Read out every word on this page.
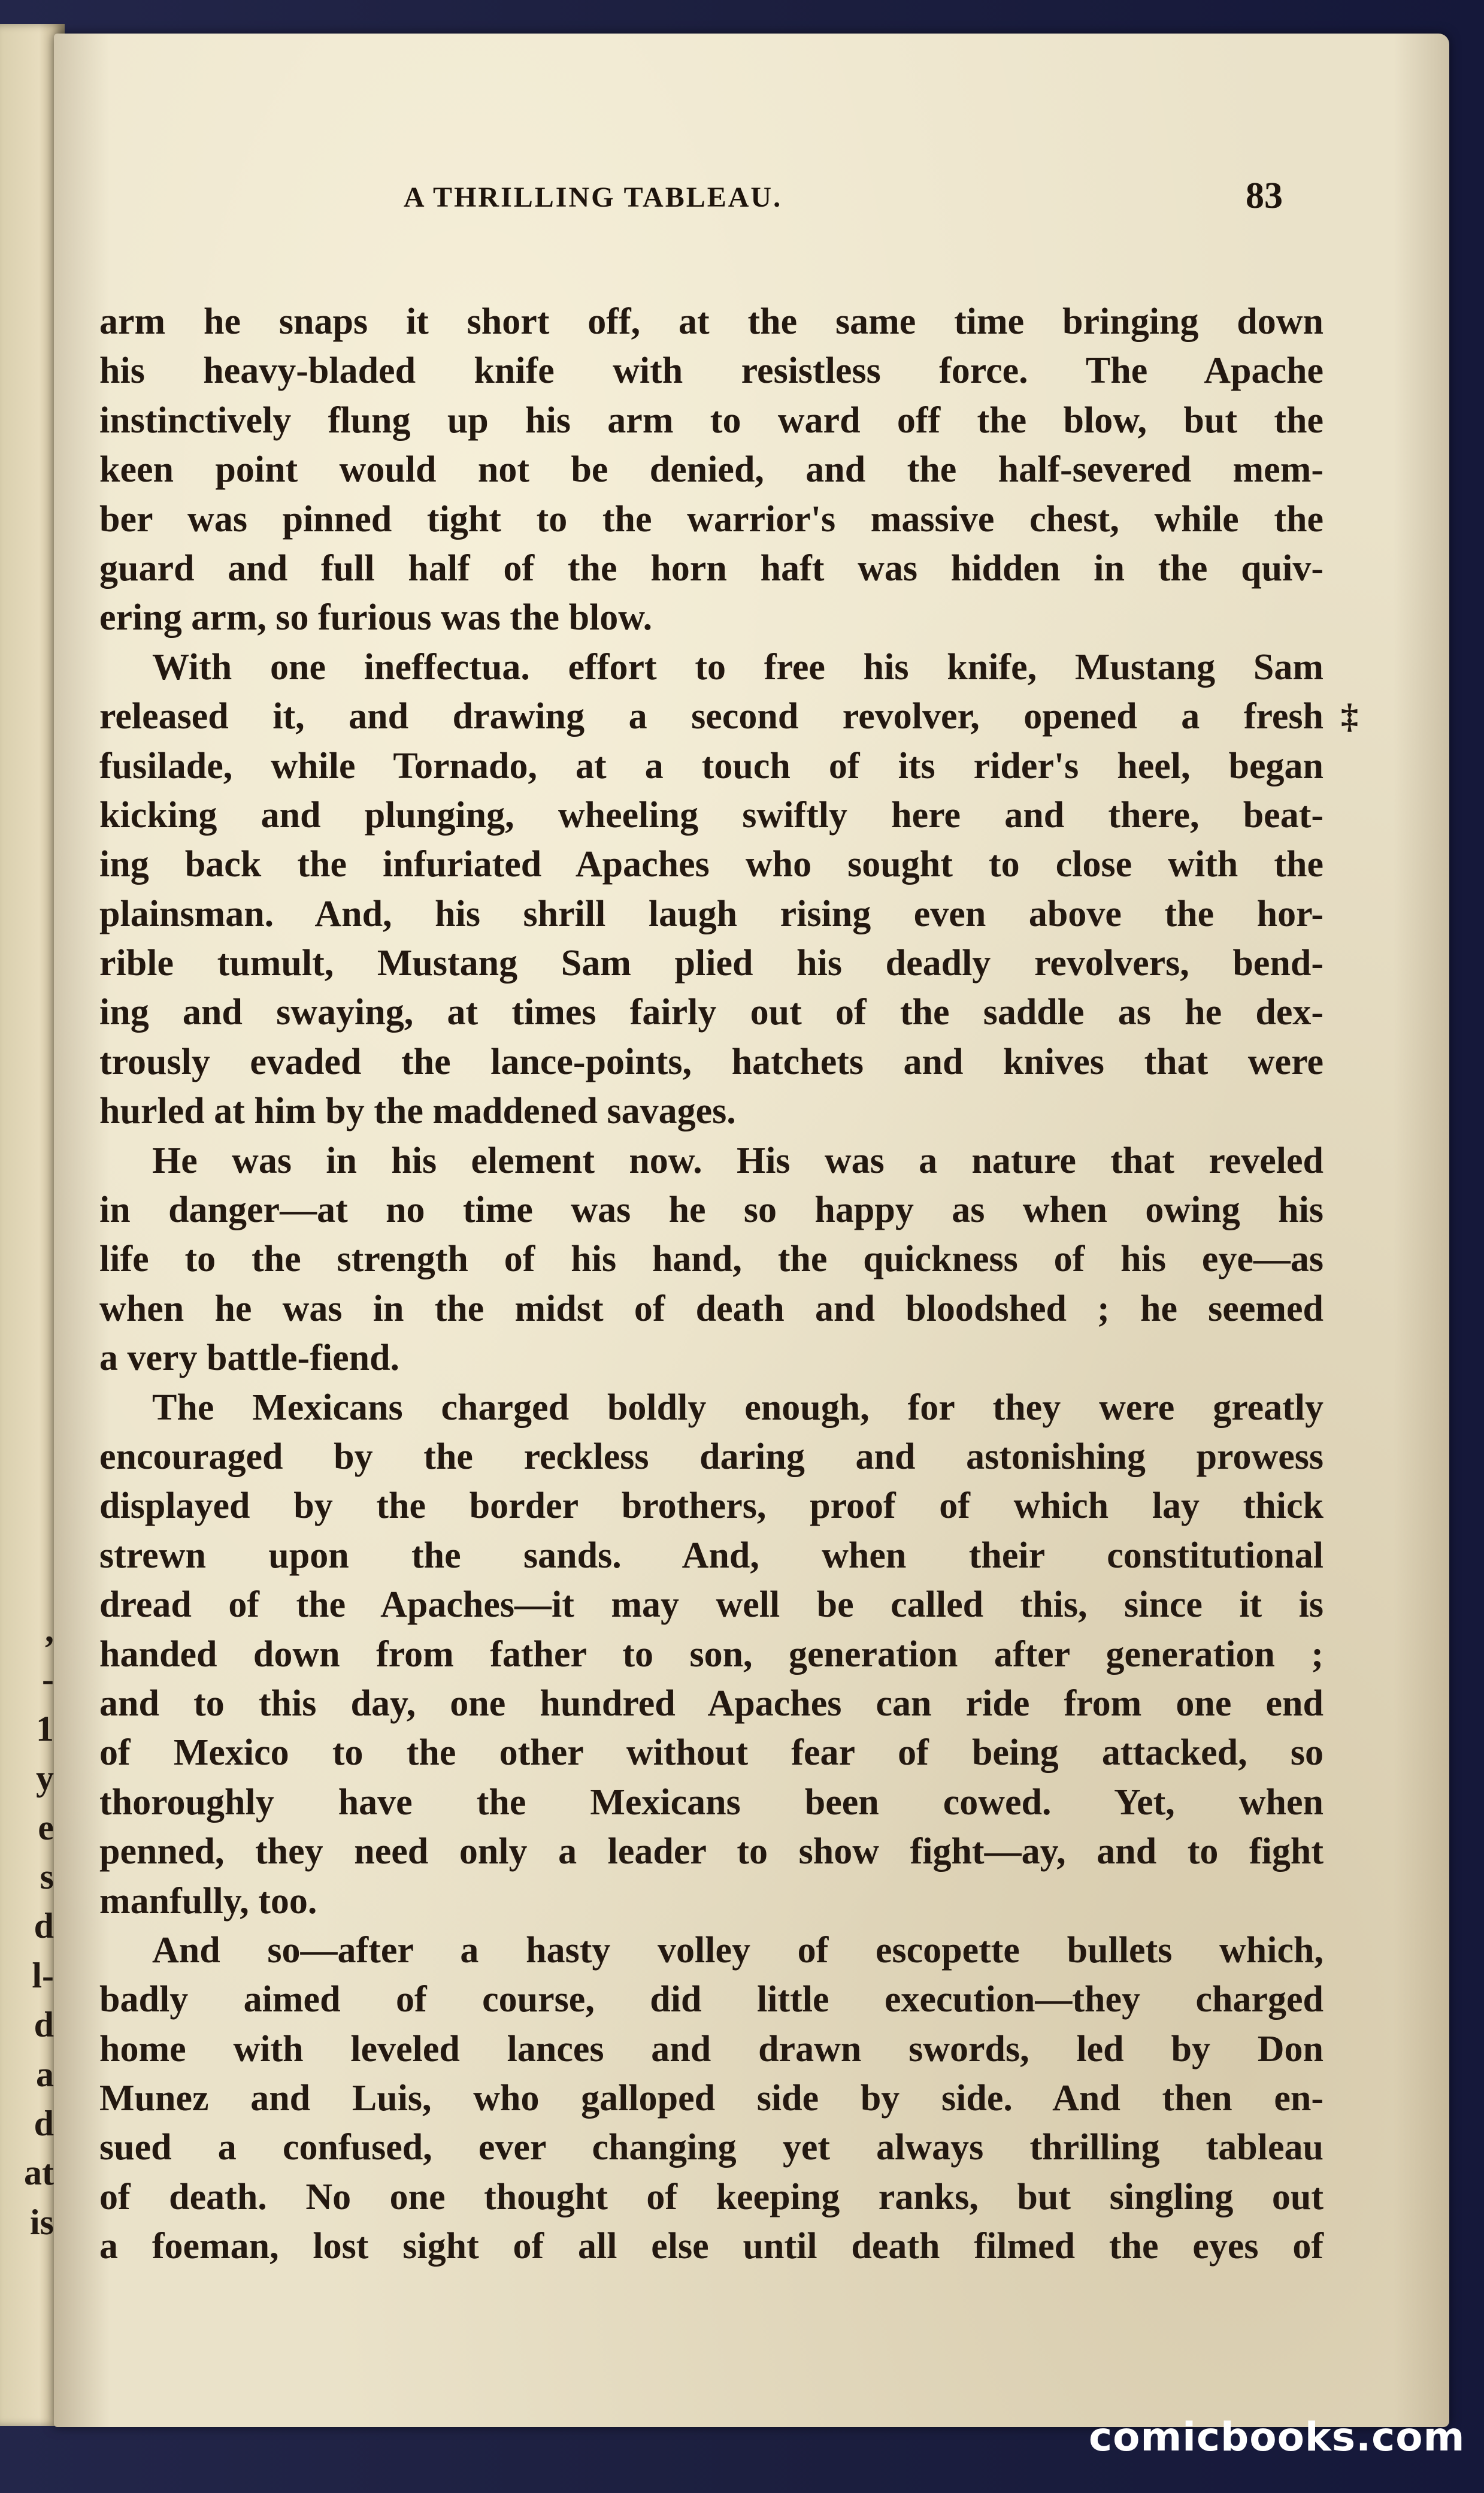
,
-
1
y
e
s
d
l-
d
a
d
at
is
A THRILLING TABLEAU.	83
arm he snaps it short off, at the same time bringing down
his heavy-bladed knife with resistless force. The Apache
instinctively flung up his arm to ward off the blow, but the
keen point would not be denied, and the half-severed mem-
ber was pinned tight to the warrior's massive chest, while the
guard and full half of the horn haft was hidden in the quiv-
ering arm, so furious was the blow.
With one ineffectua. effort to free his knife, Mustang Sam
released it, and drawing a second revolver, opened a fresh ‡
fusilade, while Tornado, at a touch of its rider's heel, began
kicking and plunging, wheeling swiftly here and there, beat-
ing back the infuriated Apaches who sought to close with the
plainsman. And, his shrill laugh rising even above the hor-
rible tumult, Mustang Sam plied his deadly revolvers, bend-
ing and swaying, at times fairly out of the saddle as he dex-
trously evaded the lance-points, hatchets and knives that were
hurled at him by the maddened savages.
He was in his element now. His was a nature that reveled
in danger—at no time was he so happy as when owing his
life to the strength of his hand, the quickness of his eye—as
when he was in the midst of death and bloodshed ; he seemed
a very battle-fiend.
The Mexicans charged boldly enough, for they were greatly
encouraged by the reckless daring and astonishing prowess
displayed by the border brothers, proof of which lay thick
strewn upon the sands. And, when their constitutional
dread of the Apaches—it may well be called this, since it is
handed down from father to son, generation after generation ;
and to this day, one hundred Apaches can ride from one end
of Mexico to the other without fear of being attacked, so
thoroughly have the Mexicans been cowed. Yet, when
penned, they need only a leader to show fight—ay, and to fight
manfully, too.
And so—after a hasty volley of escopette bullets which,
badly aimed of course, did little execution—they charged
home with leveled lances and drawn swords, led by Don
Munez and Luis, who galloped side by side. And then en-
sued a confused, ever changing yet always thrilling tableau
of death. No one thought of keeping ranks, but singling out
a foeman, lost sight of all else until death filmed the eyes of
comicbooks.com
